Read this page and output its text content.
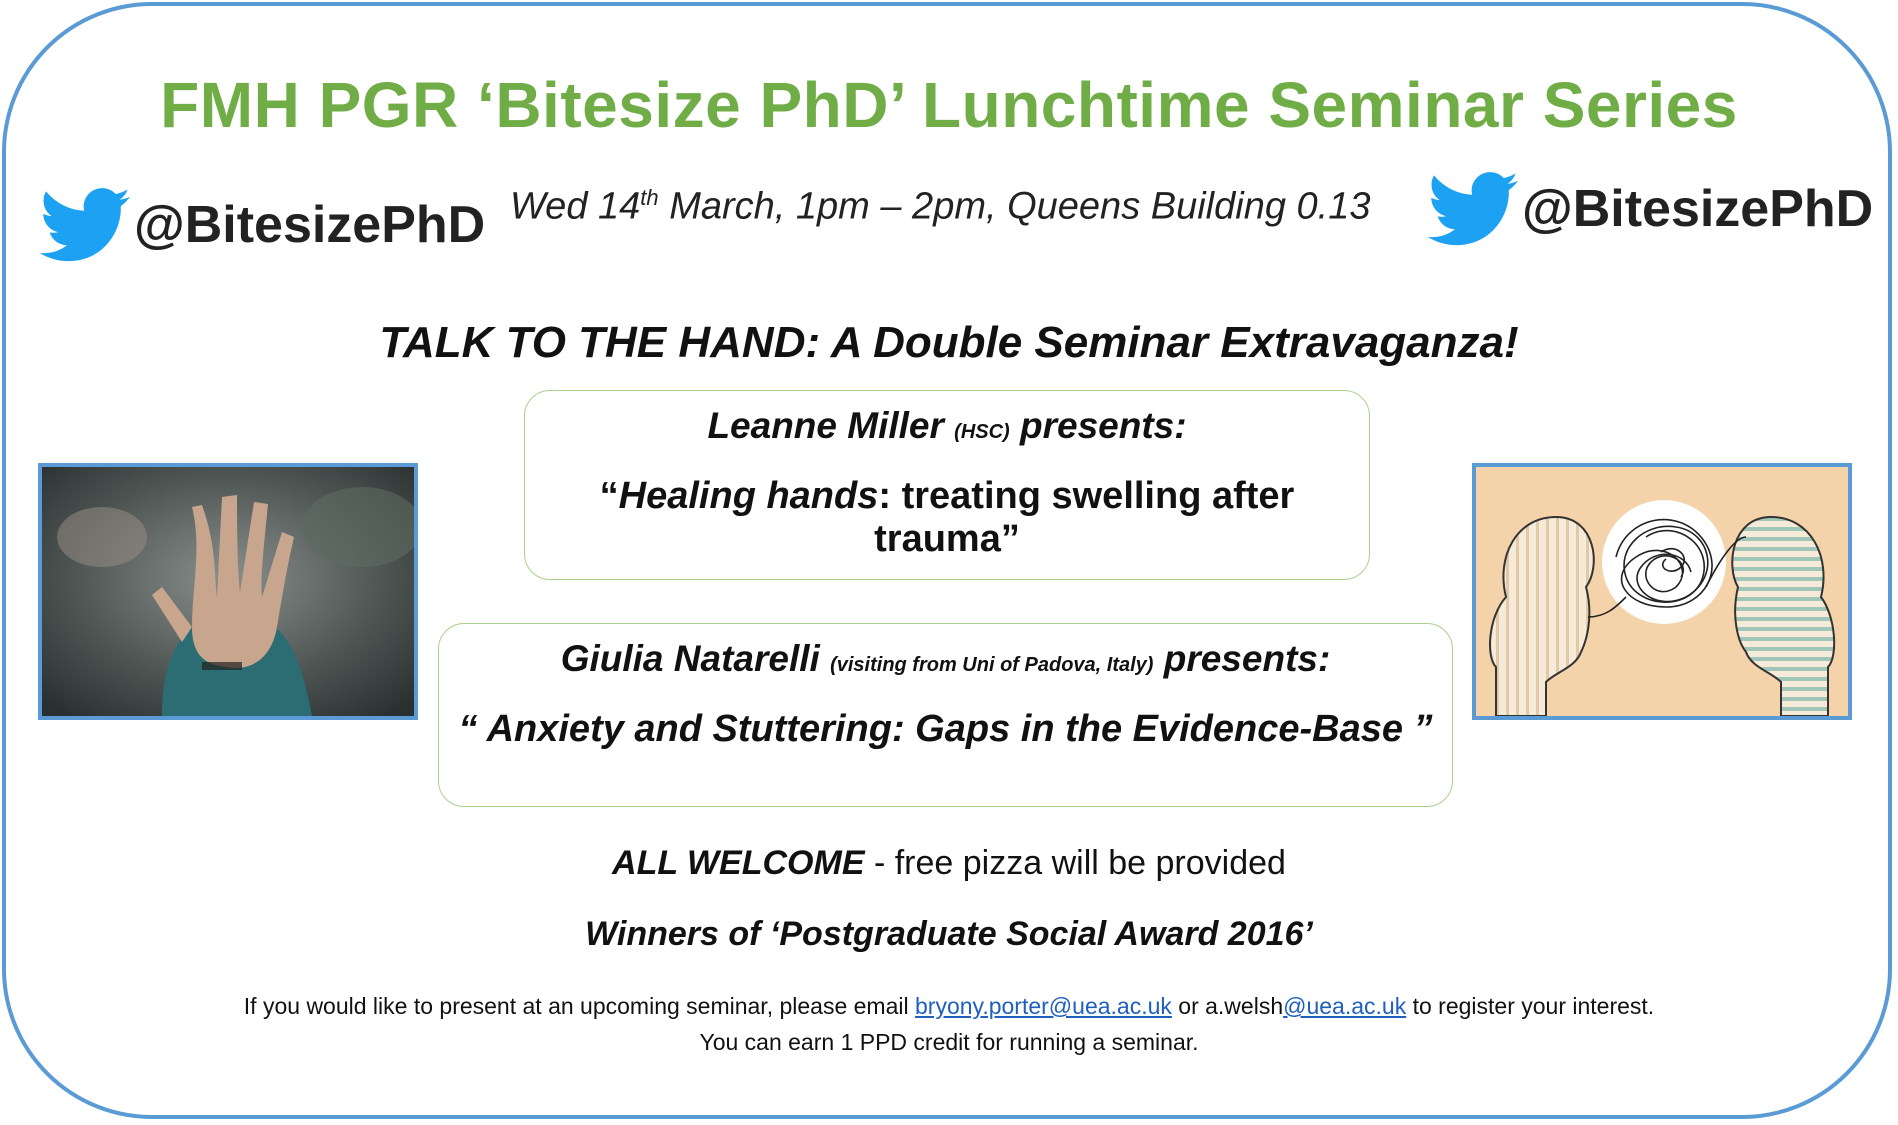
FMH PGR ‘Bitesize PhD’ Lunchtime Seminar Series
@BitesizePhD Wed 14th March, 1pm – 2pm, Queens Building 0.13	@BitesizePhD
TALK TO THE HAND: A Double Seminar Extravaganza!
Leanne Miller (HSC) presents:
“Healing hands: treating swelling after trauma”
Giulia Natarelli (visiting from Uni of Padova, Italy) presents:
“ Anxiety and Stuttering: Gaps in the Evidence-Base ”
ALL WELCOME - free pizza will be provided
Winners of ‘Postgraduate Social Award 2016’
If you would like to present at an upcoming seminar, please email bryony.porter@uea.ac.uk or a.welsh@uea.ac.uk to register your interest.
You can earn 1 PPD credit for running a seminar.
